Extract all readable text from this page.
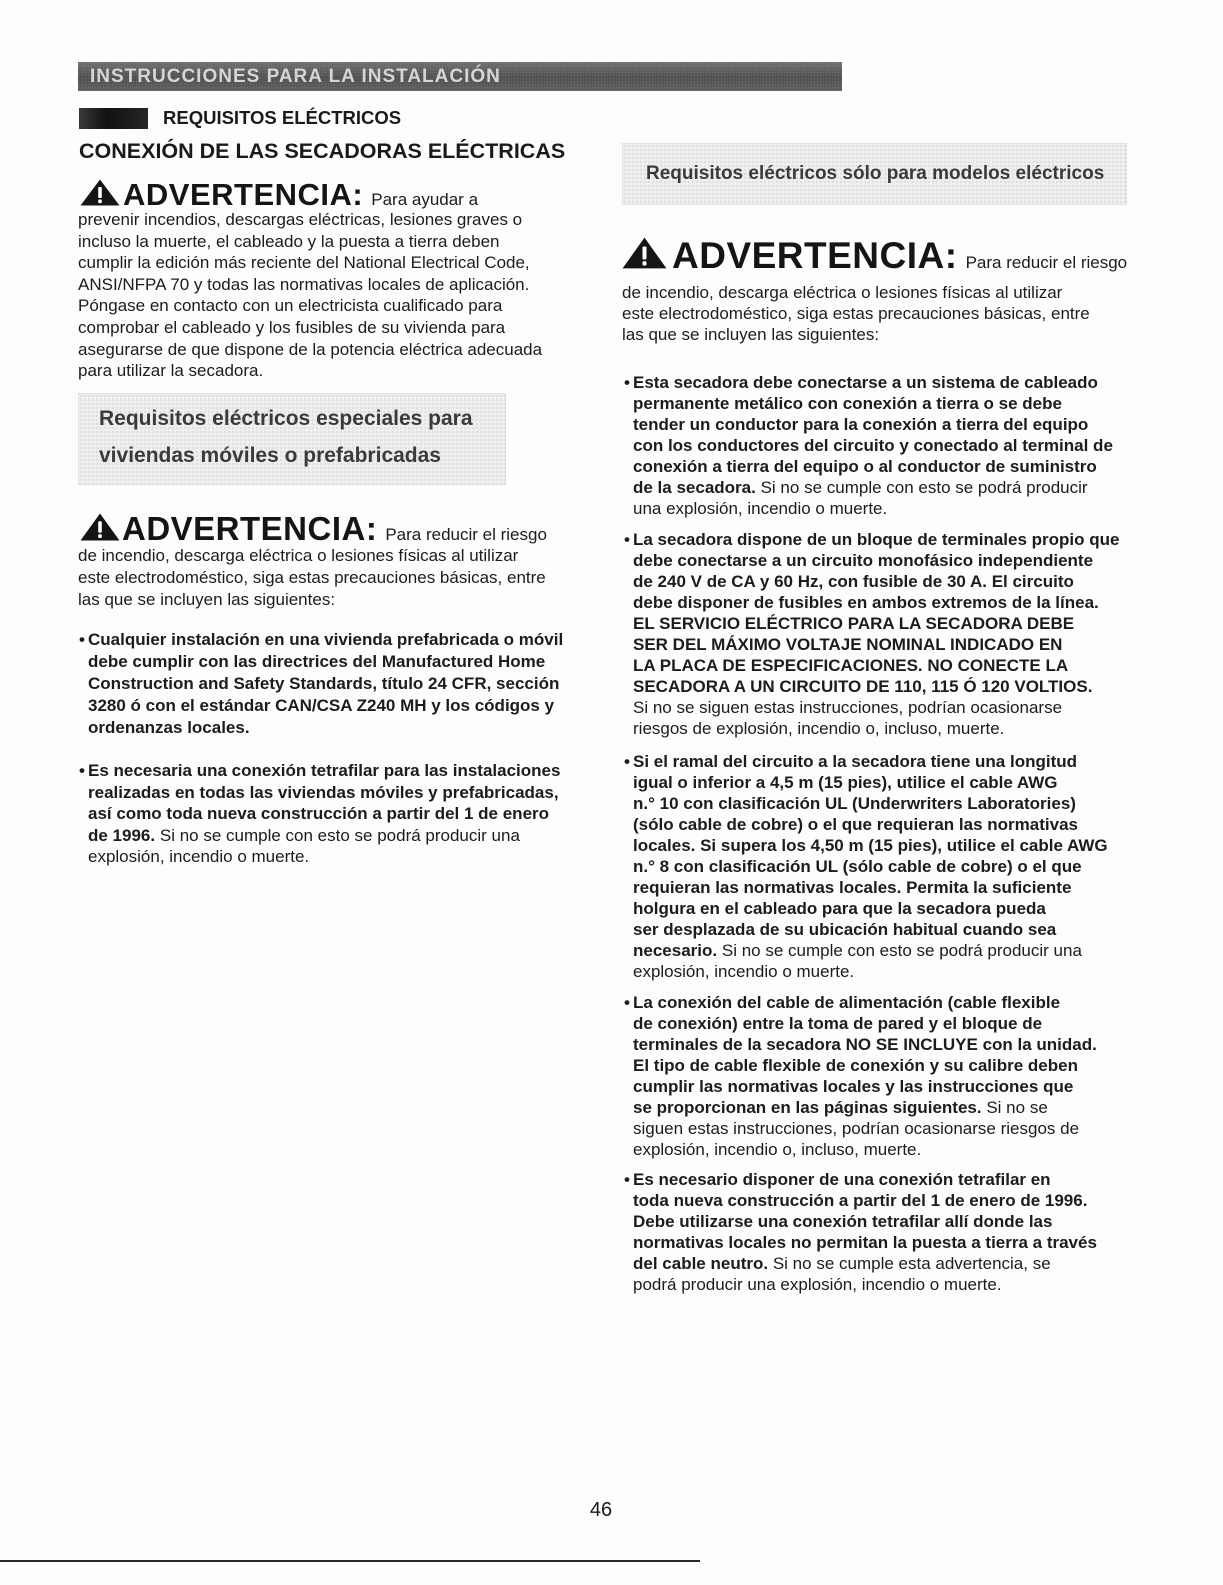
INSTRUCCIONES PARA LA INSTALACIÓN
REQUISITOS ELÉCTRICOS
CONEXIÓN DE LAS SECADORAS ELÉCTRICAS
ADVERTENCIA: Para ayudar a
prevenir incendios, descargas eléctricas, lesiones graves o
incluso la muerte, el cableado y la puesta a tierra deben
cumplir la edición más reciente del National Electrical Code,
ANSI/NFPA 70 y todas las normativas locales de aplicación.
Póngase en contacto con un electricista cualificado para
comprobar el cableado y los fusibles de su vivienda para
asegurarse de que dispone de la potencia eléctrica adecuada
para utilizar la secadora.
Requisitos eléctricos especiales para
viviendas móviles o prefabricadas
ADVERTENCIA: Para reducir el riesgo
de incendio, descarga eléctrica o lesiones físicas al utilizar
este electrodoméstico, siga estas precauciones básicas, entre
las que se incluyen las siguientes:
• Cualquier instalación en una vivienda prefabricada o móvil
debe cumplir con las directrices del Manufactured Home
Construction and Safety Standards, título 24 CFR, sección
3280 ó con el estándar CAN/CSA Z240 MH y los códigos y
ordenanzas locales.
• Es necesaria una conexión tetrafilar para las instalaciones
realizadas en todas las viviendas móviles y prefabricadas,
así como toda nueva construcción a partir del 1 de enero
de 1996. Si no se cumple con esto se podrá producir una
explosión, incendio o muerte.
Requisitos eléctricos sólo para modelos eléctricos
ADVERTENCIA: Para reducir el riesgo
de incendio, descarga eléctrica o lesiones físicas al utilizar
este electrodoméstico, siga estas precauciones básicas, entre
las que se incluyen las siguientes:
• Esta secadora debe conectarse a un sistema de cableado
permanente metálico con conexión a tierra o se debe
tender un conductor para la conexión a tierra del equipo
con los conductores del circuito y conectado al terminal de
conexión a tierra del equipo o al conductor de suministro
de la secadora. Si no se cumple con esto se podrá producir
una explosión, incendio o muerte.
• La secadora dispone de un bloque de terminales propio que
debe conectarse a un circuito monofásico independiente
de 240 V de CA y 60 Hz, con fusible de 30 A. El circuito
debe disponer de fusibles en ambos extremos de la línea.
EL SERVICIO ELÉCTRICO PARA LA SECADORA DEBE
SER DEL MÁXIMO VOLTAJE NOMINAL INDICADO EN
LA PLACA DE ESPECIFICACIONES. NO CONECTE LA
SECADORA A UN CIRCUITO DE 110, 115 Ó 120 VOLTIOS.
Si no se siguen estas instrucciones, podrían ocasionarse
riesgos de explosión, incendio o, incluso, muerte.
• Si el ramal del circuito a la secadora tiene una longitud
igual o inferior a 4,5 m (15 pies), utilice el cable AWG
n.° 10 con clasificación UL (Underwriters Laboratories)
(sólo cable de cobre) o el que requieran las normativas
locales. Si supera los 4,50 m (15 pies), utilice el cable AWG
n.° 8 con clasificación UL (sólo cable de cobre) o el que
requieran las normativas locales. Permita la suficiente
holgura en el cableado para que la secadora pueda
ser desplazada de su ubicación habitual cuando sea
necesario. Si no se cumple con esto se podrá producir una
explosión, incendio o muerte.
• La conexión del cable de alimentación (cable flexible
de conexión) entre la toma de pared y el bloque de
terminales de la secadora NO SE INCLUYE con la unidad.
El tipo de cable flexible de conexión y su calibre deben
cumplir las normativas locales y las instrucciones que
se proporcionan en las páginas siguientes. Si no se
siguen estas instrucciones, podrían ocasionarse riesgos de
explosión, incendio o, incluso, muerte.
• Es necesario disponer de una conexión tetrafilar en
toda nueva construcción a partir del 1 de enero de 1996.
Debe utilizarse una conexión tetrafilar allí donde las
normativas locales no permitan la puesta a tierra a través
del cable neutro. Si no se cumple esta advertencia, se
podrá producir una explosión, incendio o muerte.
46
